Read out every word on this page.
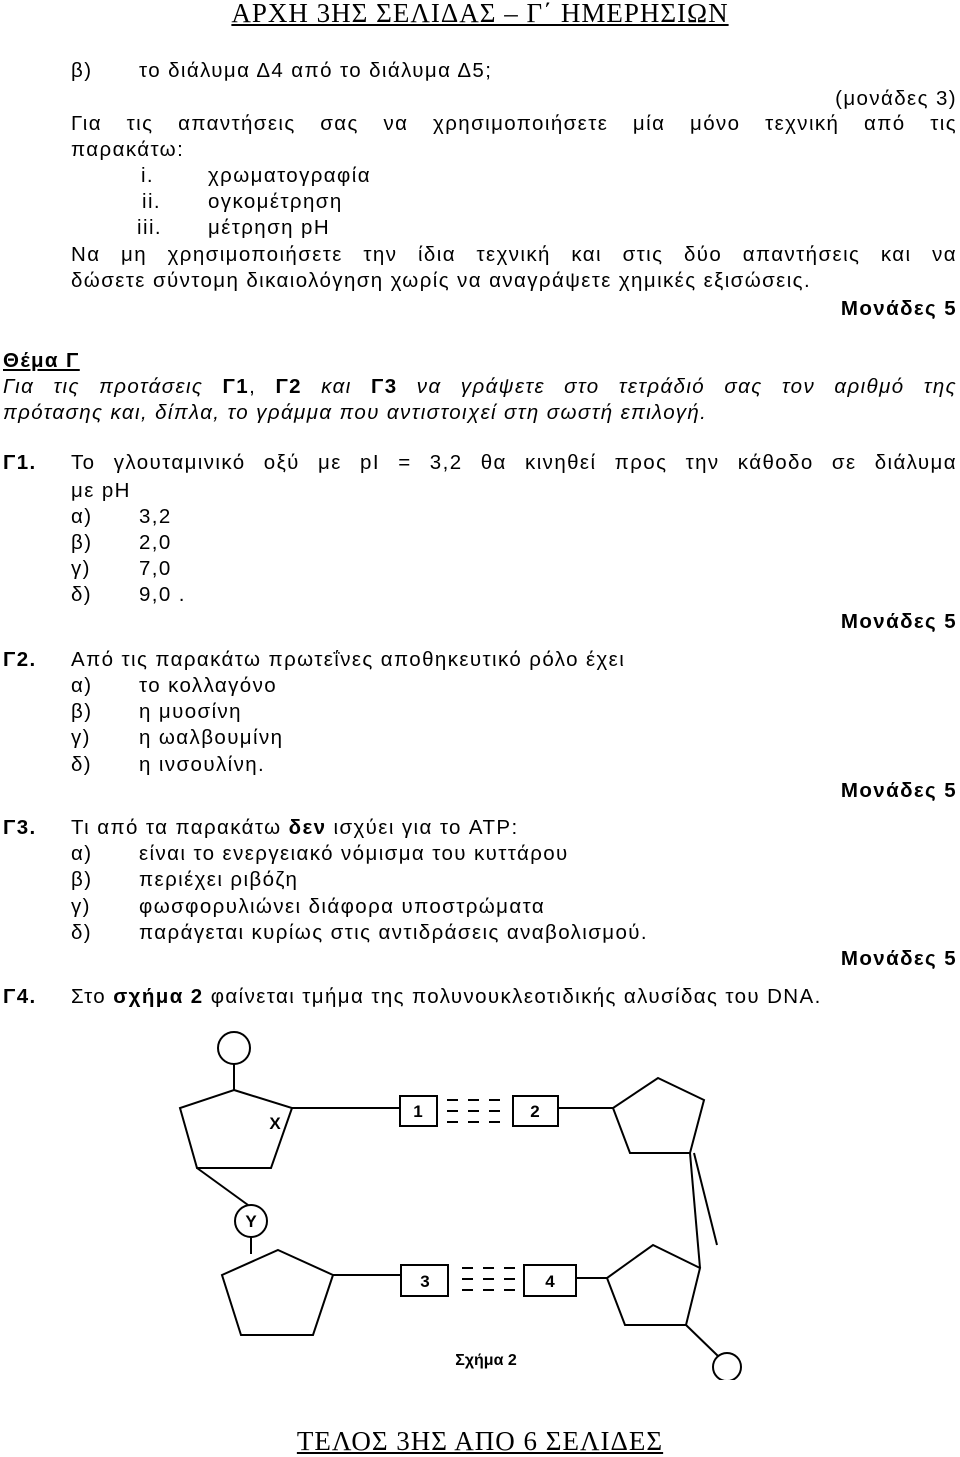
ΑΡΧΗ 3ΗΣ ΣΕΛΙΔΑΣ – Γ΄ ΗΜΕΡΗΣΙΩΝ
β) το διάλυμα Δ4 από το διάλυμα Δ5;
(μονάδες 3)
Για τις απαντήσεις σας να χρησιμοποιήσετε μία μόνο τεχνική από τις
παρακάτω:
i.	χρωματογραφία
ii. ογκομέτρηση
iii. μέτρηση pH
Να μη χρησιμοποιήσετε την ίδια τεχνική και στις δύο απαντήσεις και να
δώσετε σύντομη δικαιολόγηση χωρίς να αναγράψετε χημικές εξισώσεις.
Μονάδες 5
Θέμα Γ
Για τις προτάσεις Γ1, Γ2 και Γ3 να γράψετε στο τετράδιό σας τον αριθμό της
πρότασης και, δίπλα, το γράμμα που αντιστοιχεί στη σωστή επιλογή.
Γ1. Το γλουταμινικό οξύ με pI = 3,2 θα κινηθεί προς την κάθοδο σε διάλυμα
με pH
α) 3,2
β) 2,0
γ) 7,0
δ) 9,0 .
Μονάδες 5
Γ2. Από τις παρακάτω πρωτεΐνες αποθηκευτικό ρόλο έχει
α) το κολλαγόνο
β) η μυοσίνη
γ) η ωαλβουμίνη
δ) η ινσουλίνη.
Μονάδες 5
Γ3. Τι από τα παρακάτω δεν ισχύει για το ATP:
α) είναι το ενεργειακό νόμισμα του κυττάρου
β) περιέχει ριβόζη
γ) φωσφορυλιώνει διάφορα υποστρώματα
δ) παράγεται κυρίως στις αντιδράσεις αναβολισμού.
Μονάδες 5
Γ4. Στο σχήμα 2 φαίνεται τμήμα της πολυνουκλεοτιδικής αλυσίδας του DNA.
X
1	2
Y
3	4
Σχήμα 2
ΤΕΛΟΣ 3ΗΣ ΑΠΟ 6 ΣΕΛΙΔΕΣ
